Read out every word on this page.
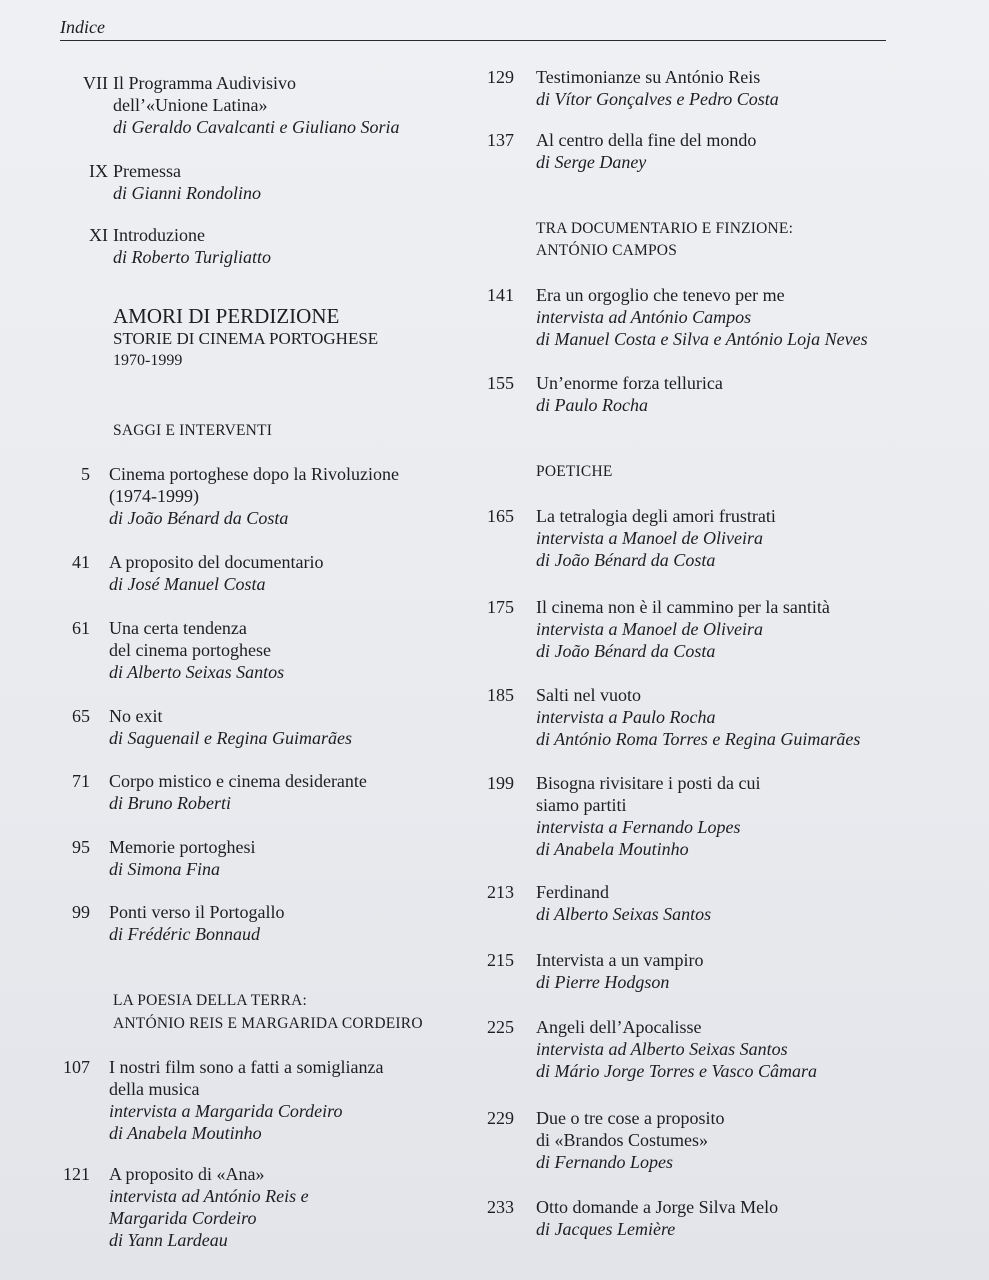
Indice
VII Il Programma Audivisivo
dell’«Unione Latina»
di Geraldo Cavalcanti e Giuliano Soria
IX Premessa
di Gianni Rondolino
XI Introduzione
di Roberto Turigliatto
AMORI DI PERDIZIONE
STORIE DI CINEMA PORTOGHESE
1970-1999
SAGGI E INTERVENTI
5 Cinema portoghese dopo la Rivoluzione
(1974-1999)
di João Bénard da Costa
41 A proposito del documentario
di José Manuel Costa
61 Una certa tendenza
del cinema portoghese
di Alberto Seixas Santos
65 No exit
di Saguenail e Regina Guimarães
71 Corpo mistico e cinema desiderante
di Bruno Roberti
95 Memorie portoghesi
di Simona Fina
99 Ponti verso il Portogallo
di Frédéric Bonnaud
107 I nostri film sono a fatti a somiglianza
della musica
intervista a Margarida Cordeiro
di Anabela Moutinho
121 A proposito di «Ana»
intervista ad António Reis e
Margarida Cordeiro
di Yann Lardeau
LA POESIA DELLA TERRA:
ANTÓNIO REIS E MARGARIDA CORDEIRO
129 Testimonianze su António Reis
di Vítor Gonçalves e Pedro Costa
137 Al centro della fine del mondo
di Serge Daney
141 Era un orgoglio che tenevo per me
intervista ad António Campos
di Manuel Costa e Silva e António Loja Neves
155 Un’enorme forza tellurica
di Paulo Rocha
165 La tetralogia degli amori frustrati
intervista a Manoel de Oliveira
di João Bénard da Costa
175 Il cinema non è il cammino per la santità
intervista a Manoel de Oliveira
di João Bénard da Costa
185 Salti nel vuoto
intervista a Paulo Rocha
di António Roma Torres e Regina Guimarães
199 Bisogna rivisitare i posti da cui
siamo partiti
intervista a Fernando Lopes
di Anabela Moutinho
213 Ferdinand
di Alberto Seixas Santos
215 Intervista a un vampiro
di Pierre Hodgson
225 Angeli dell’Apocalisse
intervista ad Alberto Seixas Santos
di Mário Jorge Torres e Vasco Câmara
229 Due o tre cose a proposito
di «Brandos Costumes»
di Fernando Lopes
233 Otto domande a Jorge Silva Melo
di Jacques Lemière
TRA DOCUMENTARIO E FINZIONE:
ANTÓNIO CAMPOS
POETICHE
